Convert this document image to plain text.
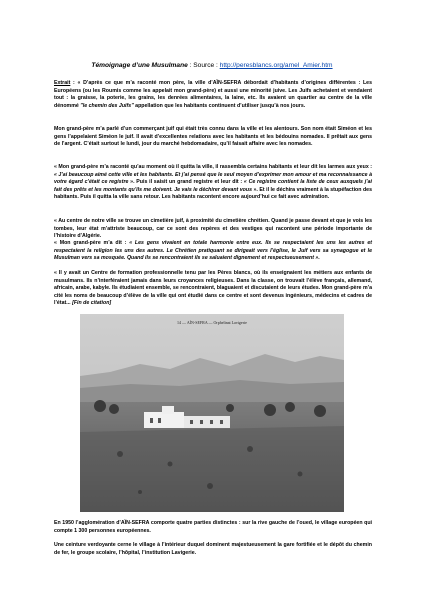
Témoignage d’une Musulmane : Source : http://peresblancs.org/amel_Amier.htm

Extrait : « D’après ce que m’a raconté mon père, la ville d’AÏN-SEFRA débordait d’habitants d’origines différentes : Les Européens (ou les Roumis comme les appelait mon grand-père) et aussi une minorité juive. Les Juifs achetaient et vendaient tout : la graisse, la poterie, les grains, les denrées alimentaires, la laine, etc. Ils avaient un quartier au centre de la ville dénommé "le chemin des Juifs" appellation que les habitants continuent d’utiliser jusqu’à nos jours.

Mon grand-père m’a parlé d’un commerçant juif qui était très connu dans la ville et les alentours. Son nom était Siméon et les gens l’appelaient Siméon le juif. Il avait d’excellentes relations avec les habitants et les bédouins nomades. Il prêtait aux gens de l’argent. C’était surtout le lundi, jour du marché hebdomadaire, qu’il faisait affaire avec les nomades.

« Mon grand-père m’a raconté qu’au moment où il quitta la ville, il rassembla certains habitants et leur dit les larmes aux yeux : « J’ai beaucoup aimé cette ville et les habitants. Et j’ai pensé que le seul moyen d’exprimer mon amour et ma reconnaissance à votre égard c’était ce registre ». Puis il saisit un grand registre et leur dit : « Ce registre contient la liste de ceux auxquels j’ai fait des prêts et les montants qu’ils me doivent. Je vais le déchirer devant vous ». Et il le déchira vraiment à la stupéfaction des habitants. Puis il quitta la ville sans retour. Les habitants racontent encore aujourd’hui ce fait avec admiration.

« Au centre de notre ville se trouve un cimetière juif, à proximité du cimetière chrétien. Quand je passe devant et que je vois les tombes, leur état m’attriste beaucoup, car ce sont des repères et des vestiges qui racontent une période importante de l’histoire d’Algérie.

« Mon grand-père m’a dit : « Les gens vivaient en totale harmonie entre eux. Ils se respectaient les uns les autres et respectaient la religion les uns des autres. Le Chrétien pratiquant se dirigeait vers l’église, le Juif vers sa synagogue et le Musulman vers sa mosquée. Quand ils se rencontraient ils se saluaient dignement et respectueusement ».

« Il y avait un Centre de formation professionnelle tenu par les Pères blancs, où ils enseignaient les métiers aux enfants de musulmans. Ils n’interféraient jamais dans leurs croyances religieuses. Dans la classe, on trouvait l’élève français, allemand, africain, arabe, kabyle. Ils étudiaient ensemble, se rencontraient, blaguaient et discutaient de leurs études. Mon grand-père m’a cité les noms de beaucoup d’élève de la ville qui ont étudié dans ce centre et sont devenus ingénieurs, médecins et cadres de l’état... [Fin de citation]

14 — AÏN-SEFRA — Orphelinat Lavigerie

En 1950 l’agglomération d’AÏN-SEFRA comporte quatre parties distinctes : sur la rive gauche de l’oued, le village européen qui compte 1 300 personnes européennes.

Une ceinture verdoyante cerne le village à l’intérieur duquel dominent majestueusement la gare fortifiée et le dépôt du chemin de fer, le groupe scolaire, l’hôpital, l’institution Lavigerie.
